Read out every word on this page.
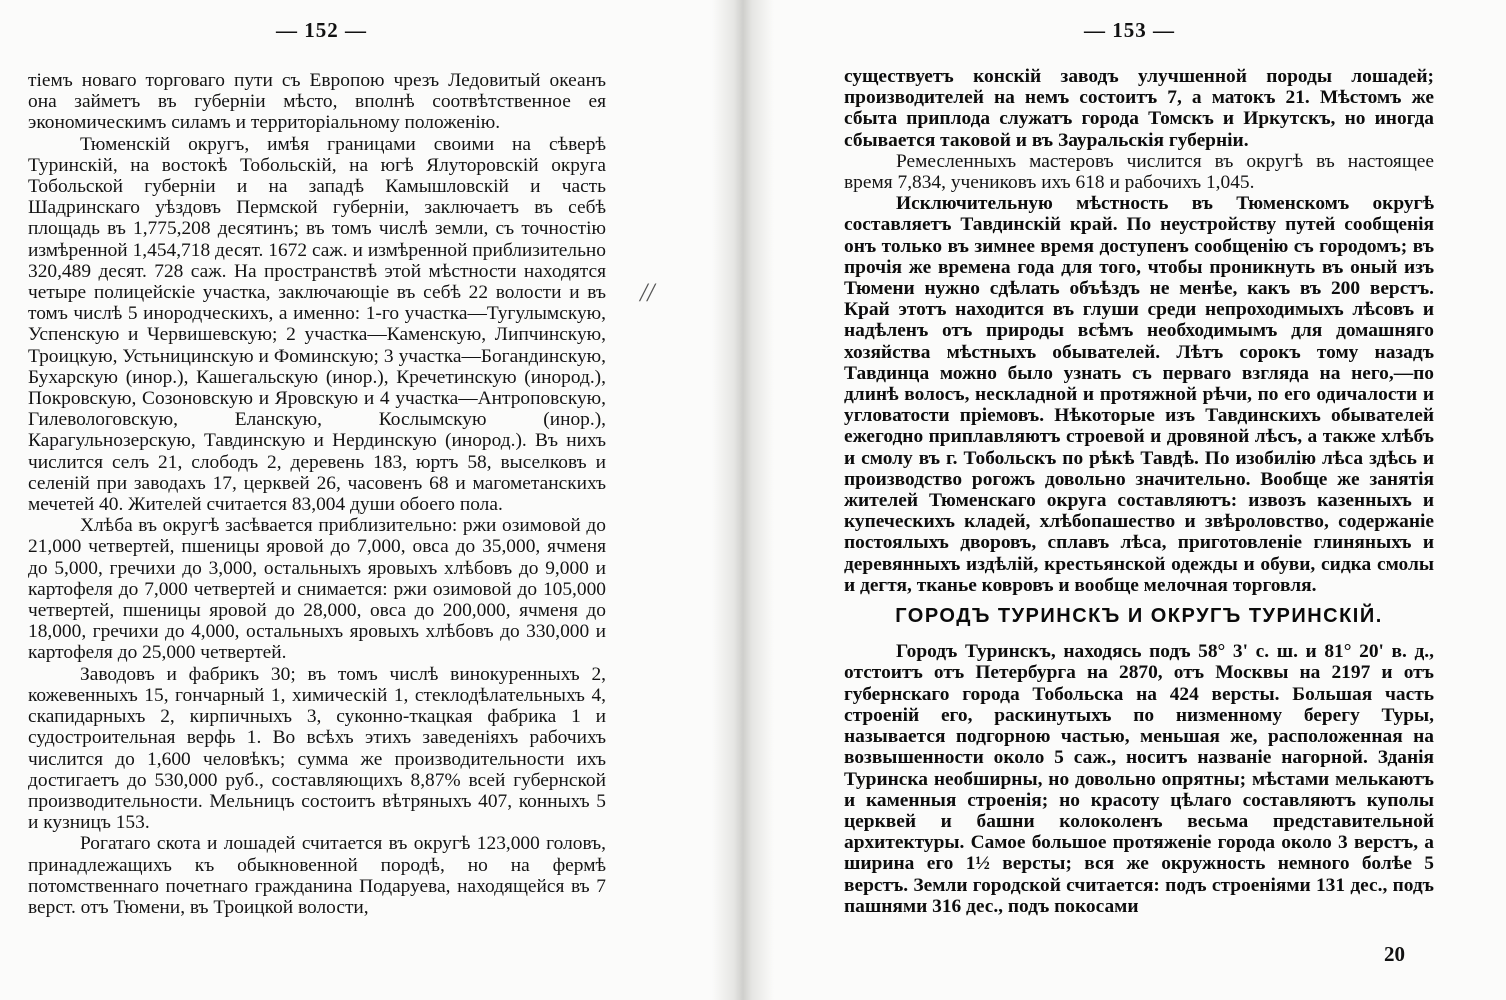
— 152 —

тiемъ новаго торговаго пути съ Европою чрезъ Ледовитый океанъ она займетъ въ губернiи мѣсто, вполнѣ соотвѣтственное ея экономическимъ силамъ и территорiальному положенiю.

Тюменскiй округъ, имѣя границами своими на сѣверѣ Туринскiй, на востокѣ Тобольскiй, на югѣ Ялуторовскiй округа Тобольской губернiи и на западѣ Камышловскiй и часть Шадринскаго уѣздовъ Пермской губернiи, заключаетъ въ себѣ площадь въ 1,775,208 десятинъ; въ томъ числѣ земли, съ точностiю измѣренной 1,454,718 десят. 1672 саж. и измѣренной приблизительно 320,489 десят. 728 саж. На пространствѣ этой мѣстности находятся четыре полицейскiе участка, заключающiе въ себѣ 22 волости и въ томъ числѣ 5 инородческихъ, а именно: 1-го участка—Тугулымскую, Успенскую и Червишевскую; 2 участка—Каменскую, Липчинскую, Троицкую, Устьницинскую и Фоминскую; 3 участка—Богандинскую, Бухарскую (инор.), Кашегальскую (инор.), Кречетинскую (инород.), Покровскую, Созоновскую и Яровскую и 4 участка—Антроповскую, Гилевологовскую, Еланскую, Кослымскую (инор.), Карагульнозерскую, Тавдинскую и Нердинскую (инород.). Въ нихъ числится селъ 21, слободъ 2, деревень 183, юртъ 58, выселковъ и селенiй при заводахъ 17, церквей 26, часовенъ 68 и магометанскихъ мечетей 40. Жителей считается 83,004 души обоего пола.

Хлѣба въ округѣ засѣвается приблизительно: ржи озимовой до 21,000 четвертей, пшеницы яровой до 7,000, овса до 35,000, ячменя до 5,000, гречихи до 3,000, остальныхъ яровыхъ хлѣбовъ до 9,000 и картофеля до 7,000 четвертей и снимается: ржи озимовой до 105,000 четвертей, пшеницы яровой до 28,000, овса до 200,000, ячменя до 18,000, гречихи до 4,000, остальныхъ яровыхъ хлѣбовъ до 330,000 и картофеля до 25,000 четвертей.

Заводовъ и фабрикъ 30; въ томъ числѣ винокуренныхъ 2, кожевенныхъ 15, гончарный 1, химическiй 1, стеклодѣлательныхъ 4, скапидарныхъ 2, кирпичныхъ 3, суконно-ткацкая фабрика 1 и судостроительная верфь 1. Во всѣхъ этихъ заведенiяхъ рабочихъ числится до 1,600 человѣкъ; сумма же производительности ихъ достигаетъ до 530,000 руб., составляющихъ 8,87% всей губернской производительности. Мельницъ состоитъ вѣтряныхъ 407, конныхъ 5 и кузницъ 153.

Рогатаго скота и лошадей считается въ округѣ 123,000 головъ, принадлежащихъ къ обыкновенной породѣ, но на фермѣ потомственнаго почетнаго гражданина Подаруева, находящейся въ 7 верст. отъ Тюмени, въ Троицкой волости,

//
— 153 —

существуетъ конскiй заводъ улучшенной породы лошадей; производителей на немъ состоитъ 7, а матокъ 21. Мѣстомъ же сбыта приплода служатъ города Томскъ и Иркутскъ, но иногда сбывается таковой и въ Зауральскiя губернiи.

Ремесленныхъ мастеровъ числится въ округѣ въ настоящее время 7,834, учениковъ ихъ 618 и рабочихъ 1,045.

Исключительную мѣстность въ Тюменскомъ округѣ составляетъ Тавдинскiй край. По неустройству путей сообщенiя онъ только въ зимнее время доступенъ сообщенiю съ городомъ; въ прочiя же времена года для того, чтобы проникнуть въ оный изъ Тюмени нужно сдѣлать объѣздъ не менѣе, какъ въ 200 верстъ. Край этотъ находится въ глуши среди непроходимыхъ лѣсовъ и надѣленъ отъ природы всѣмъ необходимымъ для домашняго хозяйства мѣстныхъ обывателей. Лѣтъ сорокъ тому назадъ Тавдинца можно было узнать съ перваго взгляда на него,—по длинѣ волосъ, нескладной и протяжной рѣчи, по его одичалости и угловатости прiемовъ. Нѣкоторые изъ Тавдинскихъ обывателей ежегодно приплавляютъ строевой и дровяной лѣсъ, а также хлѣбъ и смолу въ г. Тобольскъ по рѣкѣ Тавдѣ. По изобилiю лѣса здѣсь и производство рогожъ довольно значительно. Вообще же занятiя жителей Тюменскаго округа составляютъ: извозъ казенныхъ и купеческихъ кладей, хлѣбопашество и звѣроловство, содержанiе постоялыхъ дворовъ, сплавъ лѣса, приготовленiе глиняныхъ и деревянныхъ издѣлiй, крестьянской одежды и обуви, сидка смолы и дегтя, тканье ковровъ и вообще мелочная торговля.

ГОРОДЪ ТУРИНСКЪ И ОКРУГЪ ТУРИНСКIЙ.

Городъ Туринскъ, находясь подъ 58° 3' с. ш. и 81° 20' в. д., отстоитъ отъ Петербурга на 2870, отъ Москвы на 2197 и отъ губернскаго города Тобольска на 424 версты. Большая часть строенiй его, раскинутыхъ по низменному берегу Туры, называется подгорною частью, меньшая же, расположенная на возвышенности около 5 саж., носитъ названiе нагорной. Зданiя Туринска необширны, но довольно опрятны; мѣстами мелькаютъ и каменныя строенiя; но красоту цѣлаго составляютъ куполы церквей и башни колоколенъ весьма представительной архитектуры. Самое большое протяженiе города около 3 верстъ, а ширина его 1½ версты; вся же окружность немного болѣе 5 верстъ. Земли городской считается: подъ строенiями 131 дес., подъ пашнями 316 дес., подъ покосами

20
